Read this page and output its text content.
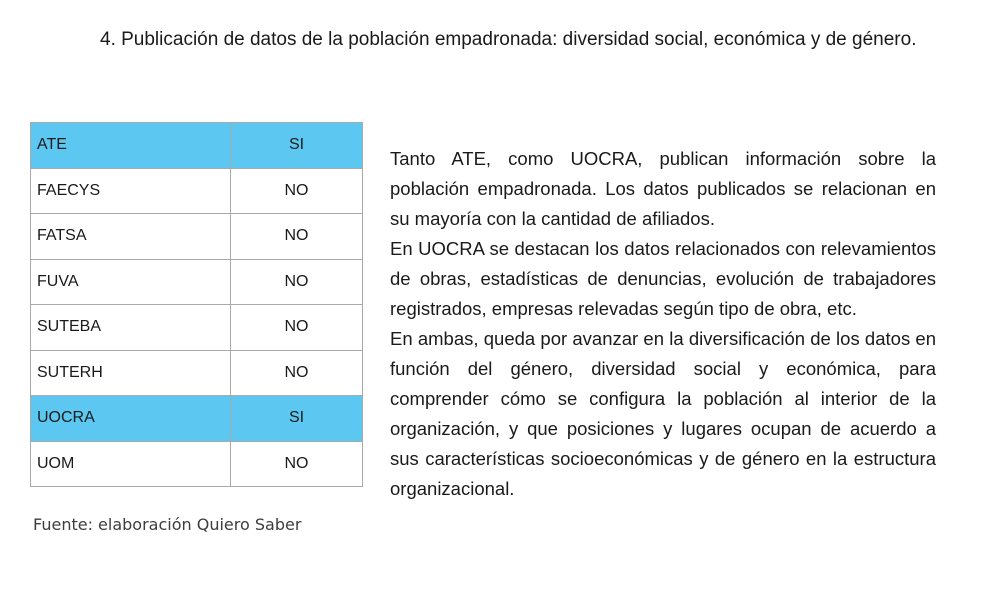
4. Publicación de datos de la población empadronada: diversidad social, económica y de género.
ATE	SI
FAECYS	NO
FATSA	NO
FUVA	NO
SUTEBA	NO
SUTERH	NO
UOCRA	SI
UOM	NO
Fuente: elaboración Quiero Saber

Tanto ATE, como UOCRA, publican información sobre la población empadronada. Los datos publicados se relacionan en su mayoría con la cantidad de afiliados.

En UOCRA se destacan los datos relacionados con relevamientos de obras, estadísticas de denuncias, evolución de trabajadores registrados, empresas relevadas según tipo de obra, etc.

En ambas, queda por avanzar en la diversificación de los datos en función del género, diversidad social y económica, para comprender cómo se configura la población al interior de la organización, y que posiciones y lugares ocupan de acuerdo a sus características socioeconómicas y de género en la estructura organizacional.
